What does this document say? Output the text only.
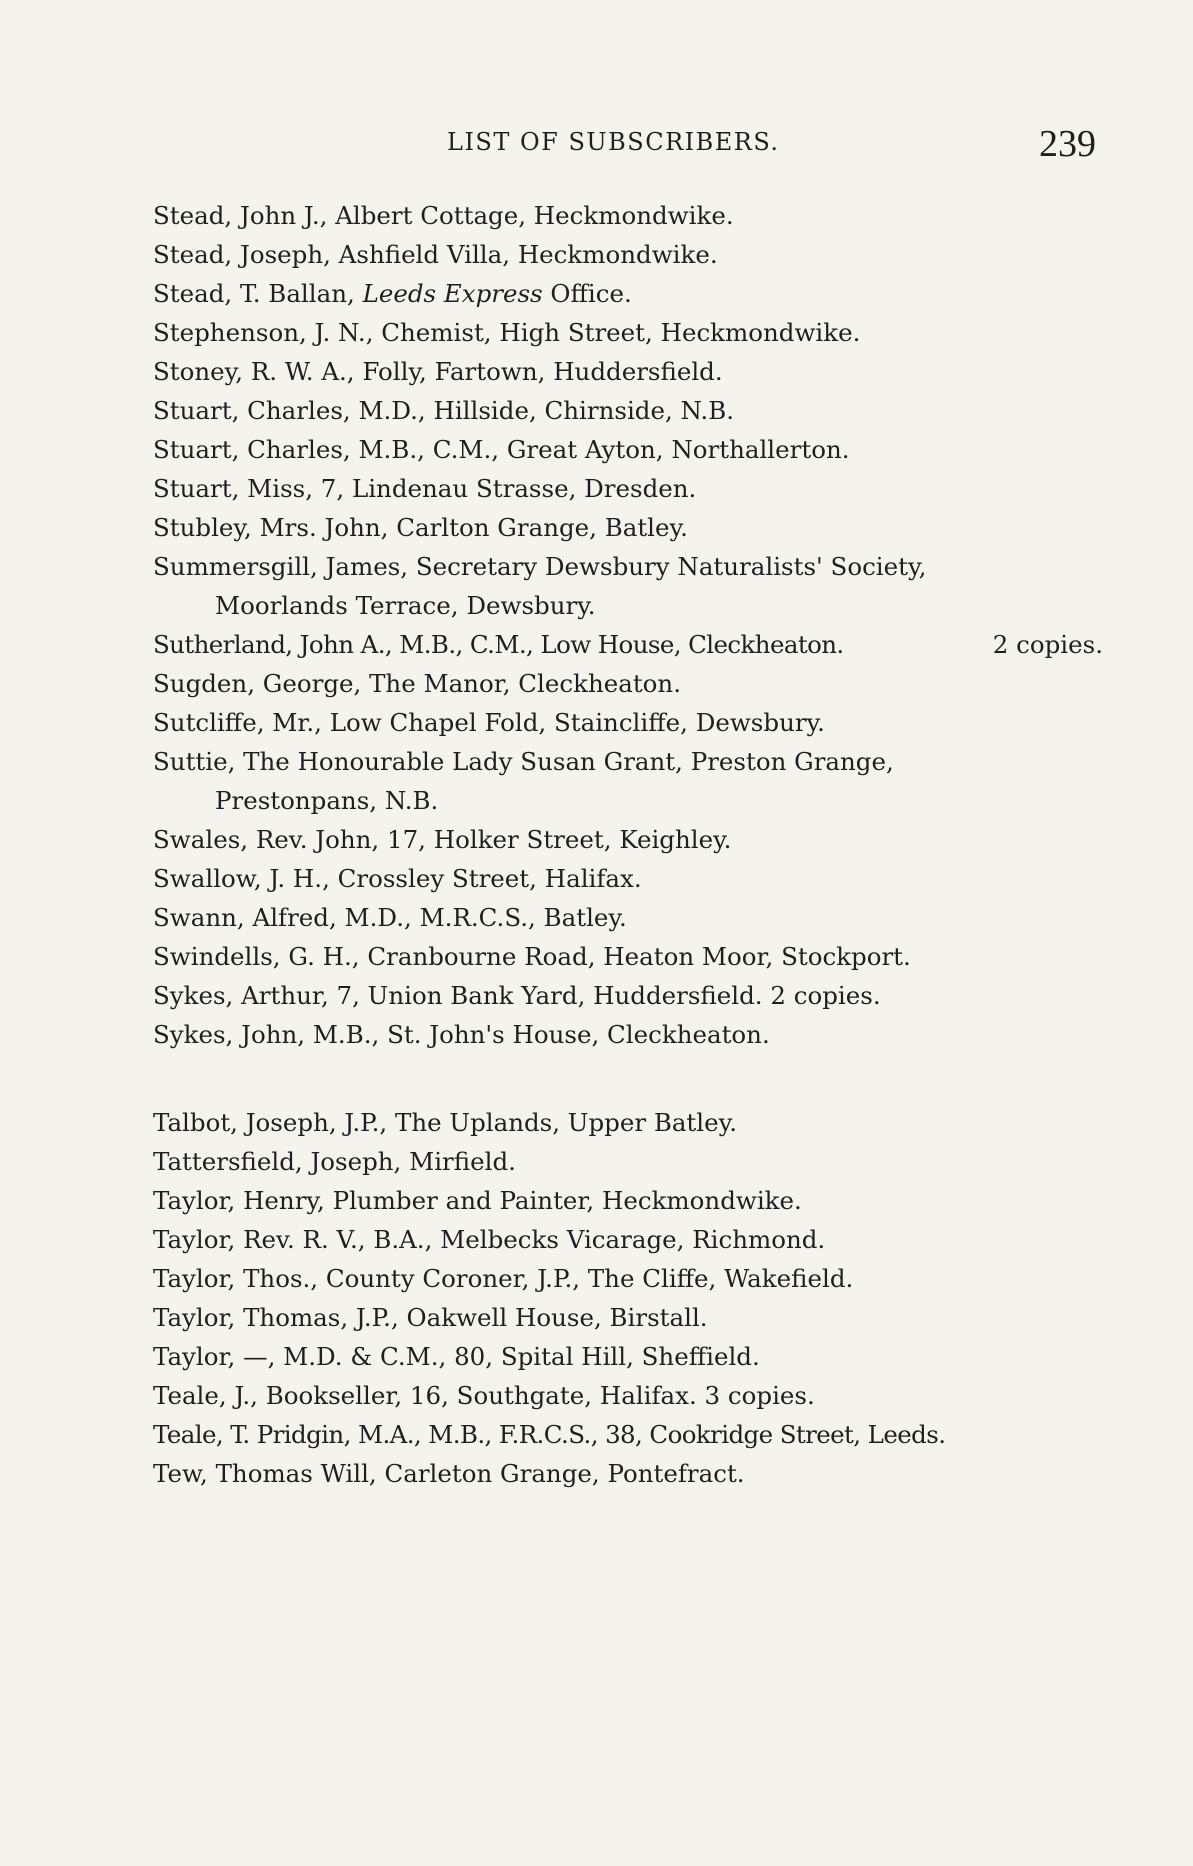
LIST OF SUBSCRIBERS.	239
Stead, John J., Albert Cottage, Heckmondwike.
Stead, Joseph, Ashfield Villa, Heckmondwike.
Stead, T. Ballan, Leeds Express Office.
Stephenson, J. N., Chemist, High Street, Heckmondwike.
Stoney, R. W. A., Folly, Fartown, Huddersfield.
Stuart, Charles, M.D., Hillside, Chirnside, N.B.
Stuart, Charles, M.B., C.M., Great Ayton, Northallerton.
Stuart, Miss, 7, Lindenau Strasse, Dresden.
Stubley, Mrs. John, Carlton Grange, Batley.
Summersgill, James, Secretary Dewsbury Naturalists' Society,
Moorlands Terrace, Dewsbury.
Sutherland, John A., M.B., C.M., Low House, Cleckheaton.	2 copies.
Sugden, George, The Manor, Cleckheaton.
Sutcliffe, Mr., Low Chapel Fold, Staincliffe, Dewsbury.
Suttie, The Honourable Lady Susan Grant, Preston Grange,
Prestonpans, N.B.
Swales, Rev. John, 17, Holker Street, Keighley.
Swallow, J. H., Crossley Street, Halifax.
Swann, Alfred, M.D., M.R.C.S., Batley.
Swindells, G. H., Cranbourne Road, Heaton Moor, Stockport.
Sykes, Arthur, 7, Union Bank Yard, Huddersfield. 2 copies.
Sykes, John, M.B., St. John's House, Cleckheaton.
Talbot, Joseph, J.P., The Uplands, Upper Batley.
Tattersfield, Joseph, Mirfield.
Taylor, Henry, Plumber and Painter, Heckmondwike.
Taylor, Rev. R. V., B.A., Melbecks Vicarage, Richmond.
Taylor, Thos., County Coroner, J.P., The Cliffe, Wakefield.
Taylor, Thomas, J.P., Oakwell House, Birstall.
Taylor, —, M.D. & C.M., 80, Spital Hill, Sheffield.
Teale, J., Bookseller, 16, Southgate, Halifax. 3 copies.
Teale, T. Pridgin, M.A., M.B., F.R.C.S., 38, Cookridge Street, Leeds.
Tew, Thomas Will, Carleton Grange, Pontefract.
